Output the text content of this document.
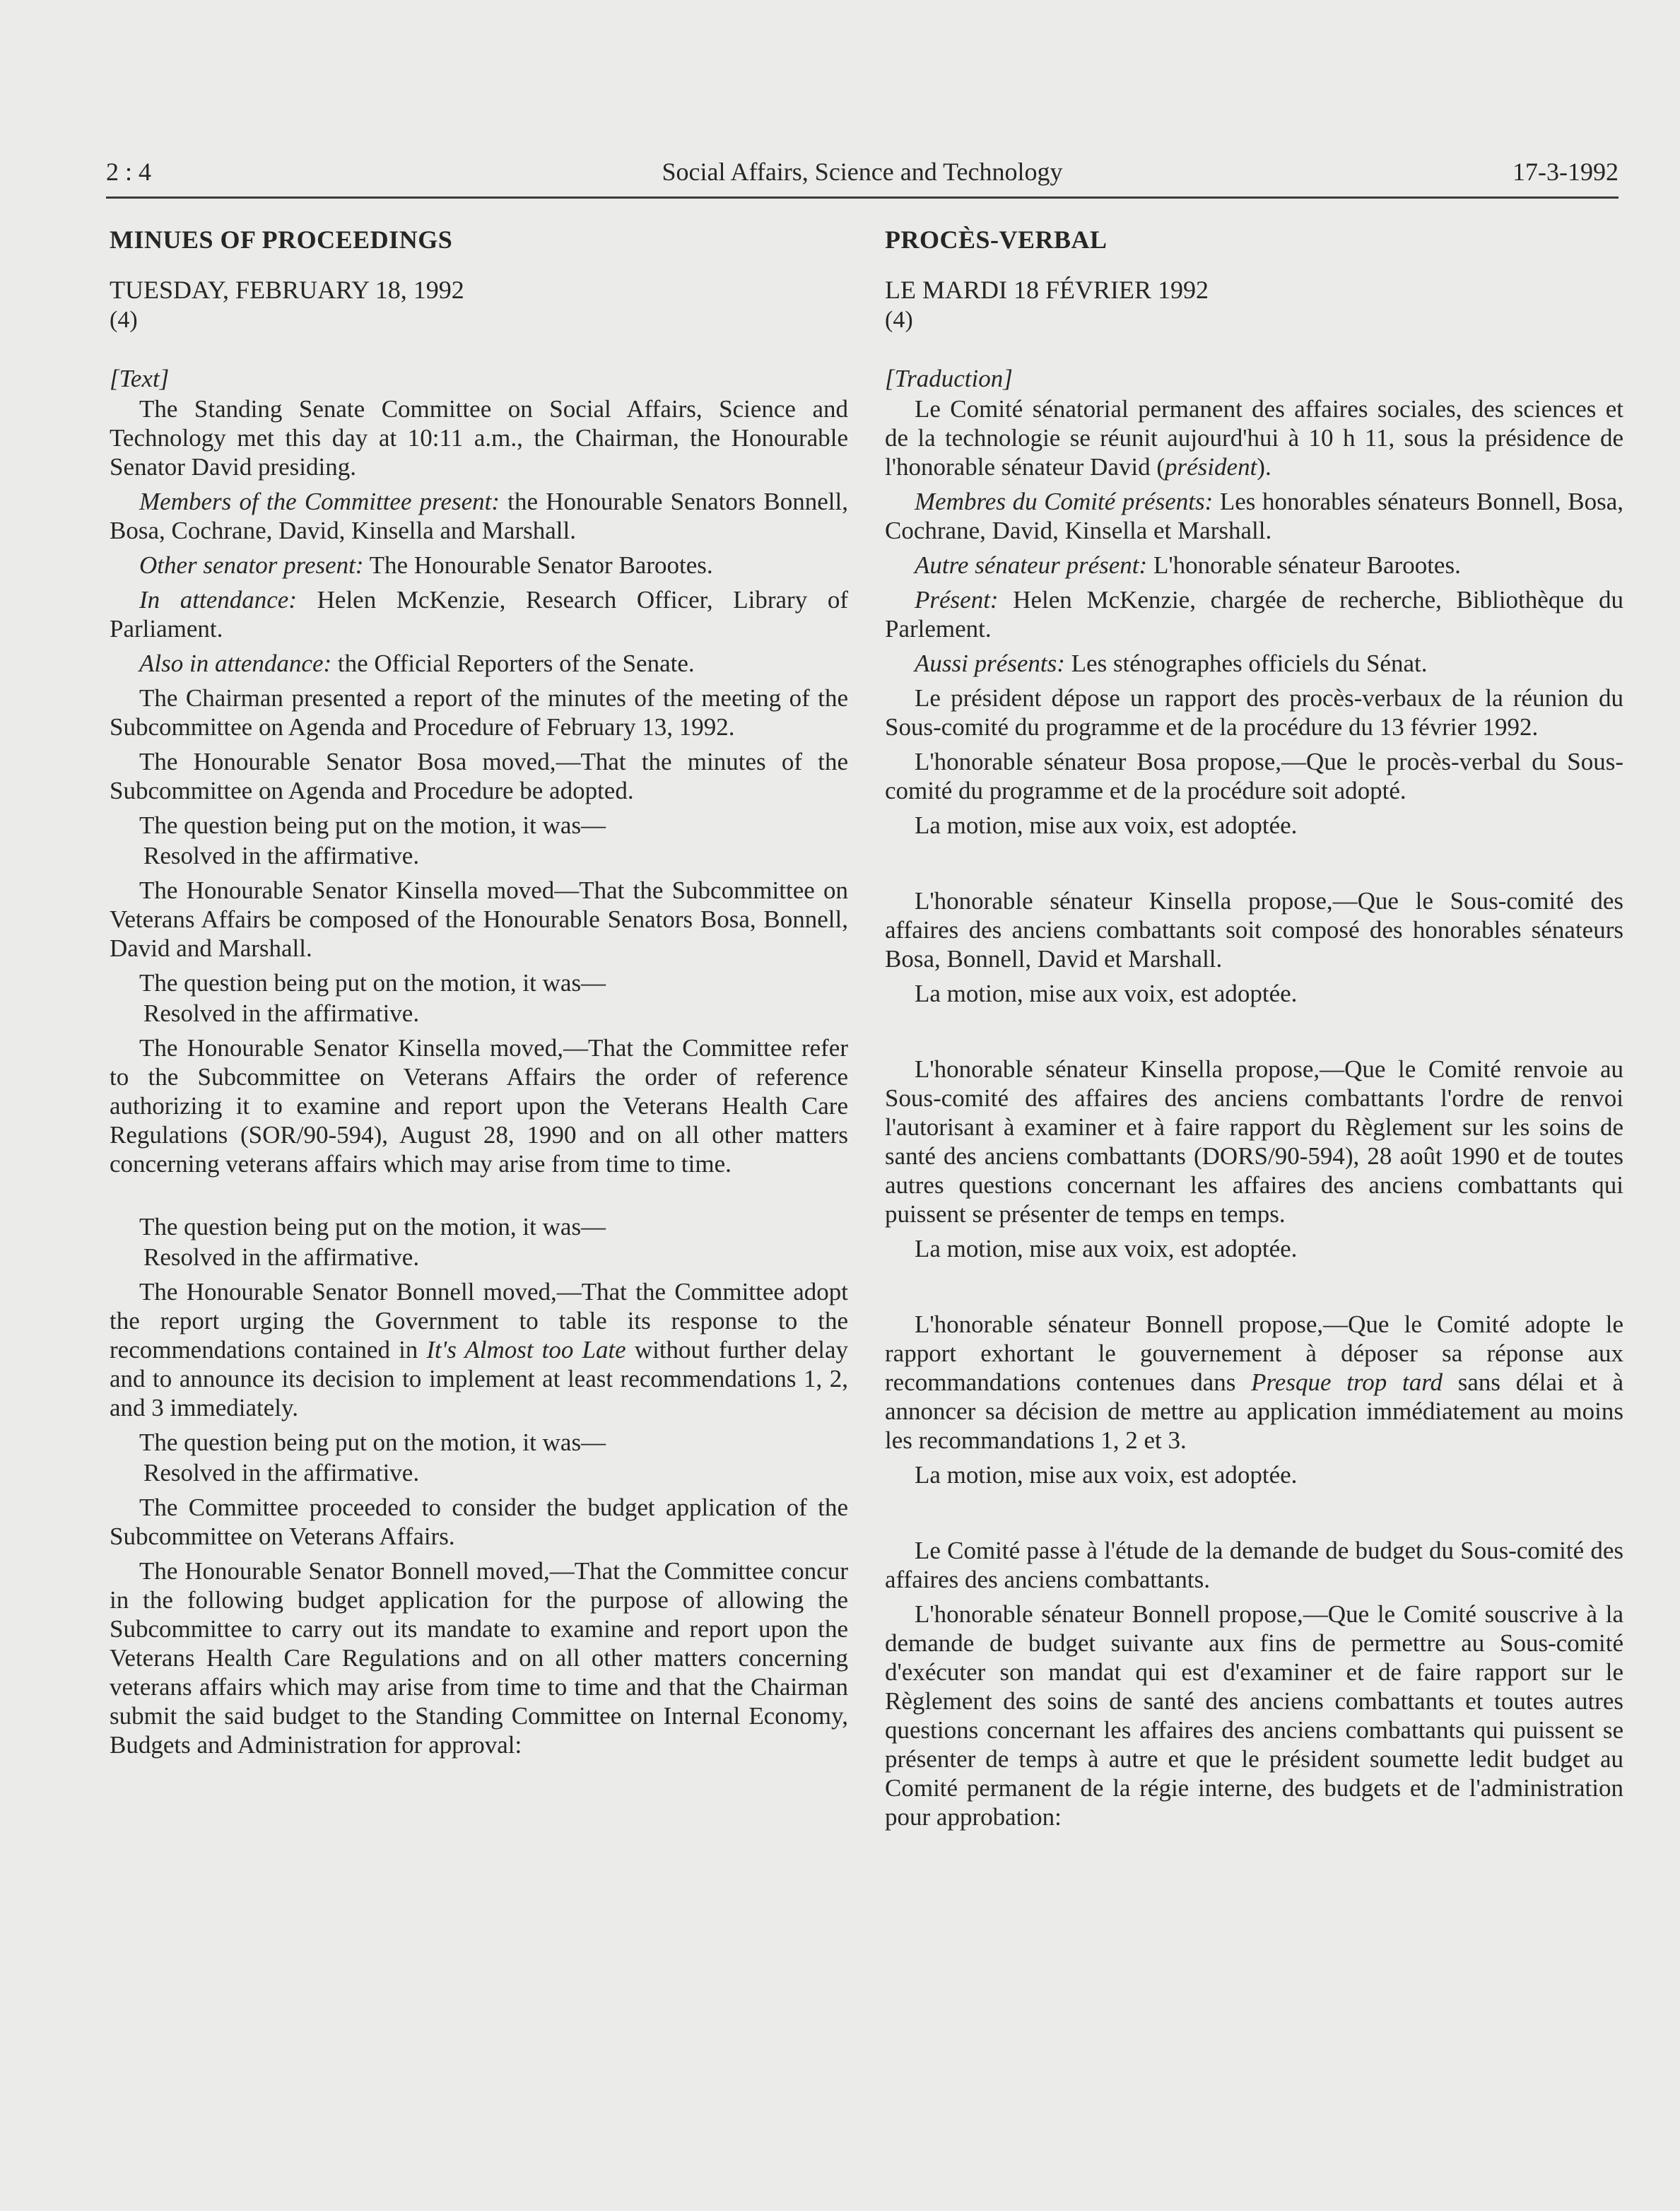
2 : 4	Social Affairs, Science and Technology	17-3-1992
MINUES OF PROCEEDINGS
TUESDAY, FEBRUARY 18, 1992
(4)
[Text]

The Standing Senate Committee on Social Affairs, Science and Technology met this day at 10:11 a.m., the Chairman, the Honourable Senator David presiding.

Members of the Committee present: the Honourable Senators Bonnell, Bosa, Cochrane, David, Kinsella and Marshall.

Other senator present: The Honourable Senator Barootes.

In attendance: Helen McKenzie, Research Officer, Library of Parliament.

Also in attendance: the Official Reporters of the Senate.

The Chairman presented a report of the minutes of the meeting of the Subcommittee on Agenda and Procedure of February 13, 1992.

The Honourable Senator Bosa moved,—That the minutes of the Subcommittee on Agenda and Procedure be adopted.

The question being put on the motion, it was—

Resolved in the affirmative.

The Honourable Senator Kinsella moved—That the Subcommittee on Veterans Affairs be composed of the Honourable Senators Bosa, Bonnell, David and Marshall.

The question being put on the motion, it was—

Resolved in the affirmative.

The Honourable Senator Kinsella moved,—That the Committee refer to the Subcommittee on Veterans Affairs the order of reference authorizing it to examine and report upon the Veterans Health Care Regulations (SOR/90-594), August 28, 1990 and on all other matters concerning veterans affairs which may arise from time to time.

The question being put on the motion, it was—

Resolved in the affirmative.

The Honourable Senator Bonnell moved,—That the Committee adopt the report urging the Government to table its response to the recommendations contained in It's Almost too Late without further delay and to announce its decision to implement at least recommendations 1, 2, and 3 immediately.

The question being put on the motion, it was—

Resolved in the affirmative.

The Committee proceeded to consider the budget application of the Subcommittee on Veterans Affairs.

The Honourable Senator Bonnell moved,—That the Committee concur in the following budget application for the purpose of allowing the Subcommittee to carry out its mandate to examine and report upon the Veterans Health Care Regulations and on all other matters concerning veterans affairs which may arise from time to time and that the Chairman submit the said budget to the Standing Committee on Internal Economy, Budgets and Administration for approval:

PROCÈS-VERBAL
LE MARDI 18 FÉVRIER 1992
(4)
[Traduction]

Le Comité sénatorial permanent des affaires sociales, des sciences et de la technologie se réunit aujourd'hui à 10 h 11, sous la présidence de l'honorable sénateur David (président).

Membres du Comité présents: Les honorables sénateurs Bonnell, Bosa, Cochrane, David, Kinsella et Marshall.

Autre sénateur présent: L'honorable sénateur Barootes.

Présent: Helen McKenzie, chargée de recherche, Bibliothèque du Parlement.

Aussi présents: Les sténographes officiels du Sénat.

Le président dépose un rapport des procès-verbaux de la réunion du Sous-comité du programme et de la procédure du 13 février 1992.

L'honorable sénateur Bosa propose,—Que le procès-verbal du Sous-comité du programme et de la procédure soit adopté.

La motion, mise aux voix, est adoptée.

L'honorable sénateur Kinsella propose,—Que le Sous-comité des affaires des anciens combattants soit composé des honorables sénateurs Bosa, Bonnell, David et Marshall.

La motion, mise aux voix, est adoptée.

L'honorable sénateur Kinsella propose,—Que le Comité renvoie au Sous-comité des affaires des anciens combattants l'ordre de renvoi l'autorisant à examiner et à faire rapport du Règlement sur les soins de santé des anciens combattants (DORS/90-594), 28 août 1990 et de toutes autres questions concernant les affaires des anciens combattants qui puissent se présenter de temps en temps.

La motion, mise aux voix, est adoptée.

L'honorable sénateur Bonnell propose,—Que le Comité adopte le rapport exhortant le gouvernement à déposer sa réponse aux recommandations contenues dans Presque trop tard sans délai et à annoncer sa décision de mettre au application immédiatement au moins les recommandations 1, 2 et 3.

La motion, mise aux voix, est adoptée.

Le Comité passe à l'étude de la demande de budget du Sous-comité des affaires des anciens combattants.

L'honorable sénateur Bonnell propose,—Que le Comité souscrive à la demande de budget suivante aux fins de permettre au Sous-comité d'exécuter son mandat qui est d'examiner et de faire rapport sur le Règlement des soins de santé des anciens combattants et toutes autres questions concernant les affaires des anciens combattants qui puissent se présenter de temps à autre et que le président soumette ledit budget au Comité permanent de la régie interne, des budgets et de l'administration pour approbation:
